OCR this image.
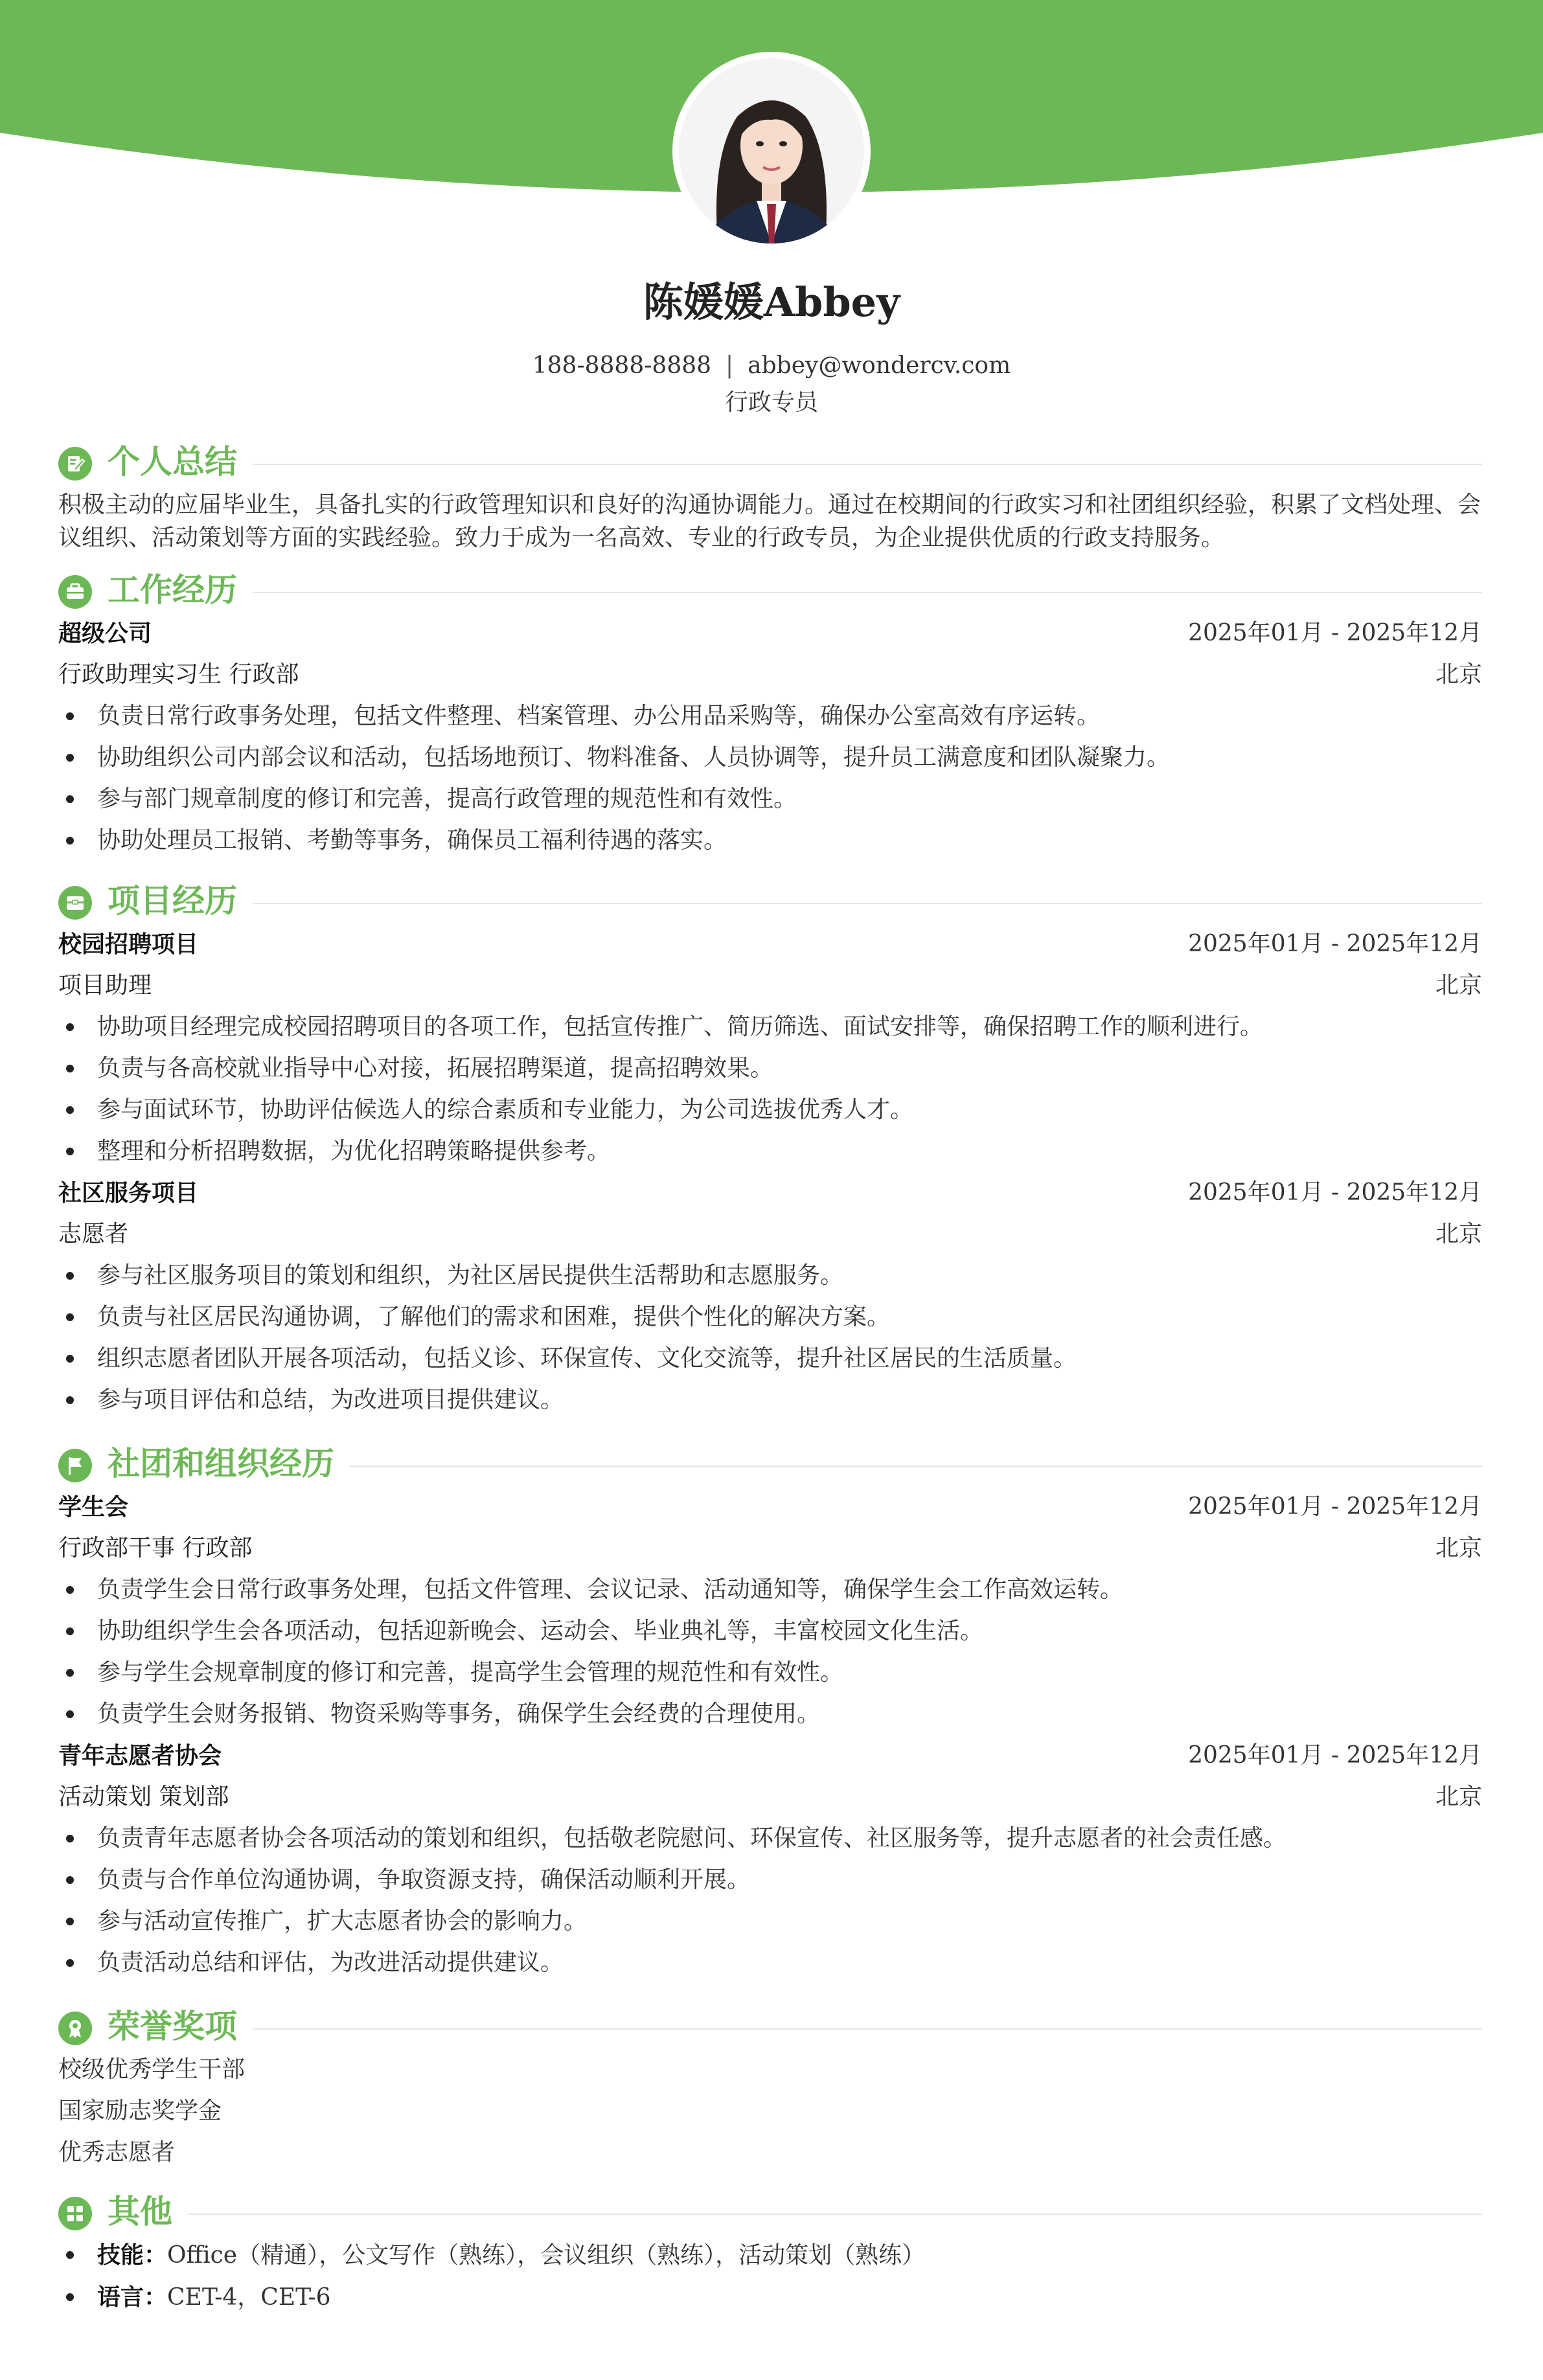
陈媛媛Abbey
188-8888-8888 | abbey@wondercv.com
行政专员
个人总结
积极主动的应届毕业生，具备扎实的行政管理知识和良好的沟通协调能力。通过在校期间的行政实习和社团组织经验，积累了文档处理、会议组织、活动策划等方面的实践经验。致力于成为一名高效、专业的行政专员，为企业提供优质的行政支持服务。
工作经历
超级公司	2025年01月 - 2025年12月
行政助理实习生 行政部	北京
负责日常行政事务处理，包括文件整理、档案管理、办公用品采购等，确保办公室高效有序运转。
协助组织公司内部会议和活动，包括场地预订、物料准备、人员协调等，提升员工满意度和团队凝聚力。
参与部门规章制度的修订和完善，提高行政管理的规范性和有效性。
协助处理员工报销、考勤等事务，确保员工福利待遇的落实。
项目经历
校园招聘项目	2025年01月 - 2025年12月
项目助理	北京
协助项目经理完成校园招聘项目的各项工作，包括宣传推广、简历筛选、面试安排等，确保招聘工作的顺利进行。
负责与各高校就业指导中心对接，拓展招聘渠道，提高招聘效果。
参与面试环节，协助评估候选人的综合素质和专业能力，为公司选拔优秀人才。
整理和分析招聘数据，为优化招聘策略提供参考。
社区服务项目	2025年01月 - 2025年12月
志愿者	北京
参与社区服务项目的策划和组织，为社区居民提供生活帮助和志愿服务。
负责与社区居民沟通协调，了解他们的需求和困难，提供个性化的解决方案。
组织志愿者团队开展各项活动，包括义诊、环保宣传、文化交流等，提升社区居民的生活质量。
参与项目评估和总结，为改进项目提供建议。
社团和组织经历
学生会	2025年01月 - 2025年12月
行政部干事 行政部	北京
负责学生会日常行政事务处理，包括文件管理、会议记录、活动通知等，确保学生会工作高效运转。
协助组织学生会各项活动，包括迎新晚会、运动会、毕业典礼等，丰富校园文化生活。
参与学生会规章制度的修订和完善，提高学生会管理的规范性和有效性。
负责学生会财务报销、物资采购等事务，确保学生会经费的合理使用。
青年志愿者协会	2025年01月 - 2025年12月
活动策划 策划部	北京
负责青年志愿者协会各项活动的策划和组织，包括敬老院慰问、环保宣传、社区服务等，提升志愿者的社会责任感。
负责与合作单位沟通协调，争取资源支持，确保活动顺利开展。
参与活动宣传推广，扩大志愿者协会的影响力。
负责活动总结和评估，为改进活动提供建议。
荣誉奖项
校级优秀学生干部
国家励志奖学金
优秀志愿者
其他
技能：Office（精通），公文写作（熟练），会议组织（熟练），活动策划（熟练）
语言：CET-4，CET-6
